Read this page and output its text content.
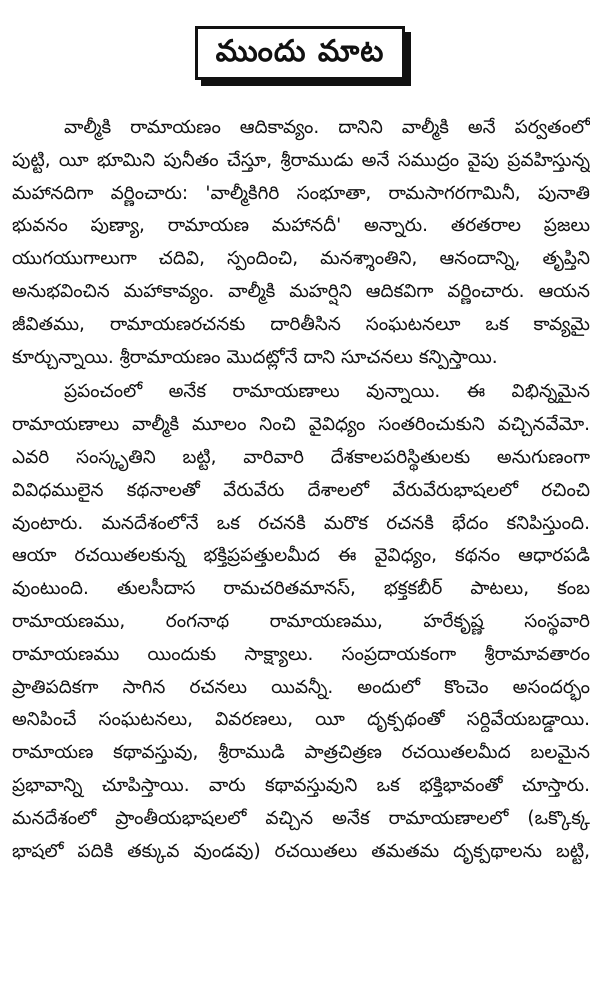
ముందు మాట
వాల్మీకి రామాయణం ఆదికావ్యం. దానిని వాల్మీకి అనే పర్వతంలో
పుట్టి, యీ భూమిని పునీతం చేస్తూ, శ్రీరాముడు అనే సముద్రం వైపు ప్రవహిస్తున్న
మహానదిగా వర్ణించారు: 'వాల్మీకిగిరి సంభూతా, రామసాగరగామినీ, పునాతి
భువనం పుణ్యా, రామాయణ మహానదీ' అన్నారు. తరతరాల ప్రజలు
యుగయుగాలుగా చదివి, స్పందించి, మనశ్శాంతిని, ఆనందాన్ని, తృప్తిని
అనుభవించిన మహాకావ్యం. వాల్మీకి మహర్షిని ఆదికవిగా వర్ణించారు. ఆయన
జీవితము, రామాయణరచనకు దారితీసిన సంఘటనలూ ఒక కావ్యమై
కూర్చున్నాయి. శ్రీరామాయణం మొదట్లోనే దాని సూచనలు కన్పిస్తాయి.
ప్రపంచంలో అనేక రామాయణాలు వున్నాయి. ఈ విభిన్నమైన
రామాయణాలు వాల్మీకి మూలం నించి వైవిధ్యం సంతరించుకుని వచ్చినవేమో.
ఎవరి సంస్కృతిని బట్టి, వారివారి దేశకాలపరిస్థితులకు అనుగుణంగా
వివిధములైన కథనాలతో వేరువేరు దేశాలలో వేరువేరుభాషలలో రచించి
వుంటారు. మనదేశంలోనే ఒక రచనకి మరొక రచనకి భేదం కనిపిస్తుంది.
ఆయా రచయితలకున్న భక్తిప్రపత్తులమీద ఈ వైవిధ్యం, కథనం ఆధారపడి
వుంటుంది. తులసీదాస రామచరితమానస్, భక్తకబీర్ పాటలు, కంబ
రామాయణము, రంగనాథ రామాయణము, హరేకృష్ణ సంస్థవారి
రామాయణము యిందుకు సాక్ష్యాలు. సంప్రదాయకంగా శ్రీరామావతారం
ప్రాతిపదికగా సాగిన రచనలు యివన్నీ. అందులో కొంచెం అసందర్భం
అనిపించే సంఘటనలు, వివరణలు, యీ దృక్పథంతో సర్దివేయబడ్డాయి.
రామాయణ కథావస్తువు, శ్రీరాముడి పాత్రచిత్రణ రచయితలమీద బలమైన
ప్రభావాన్ని చూపిస్తాయి. వారు కథావస్తువుని ఒక భక్తిభావంతో చూస్తారు.
మనదేశంలో ప్రాంతీయభాషలలో వచ్చిన అనేక రామాయణాలలో (ఒక్కొక్క
భాషలో పదికి తక్కువ వుండవు) రచయితలు తమతమ దృక్పథాలను బట్టి,
